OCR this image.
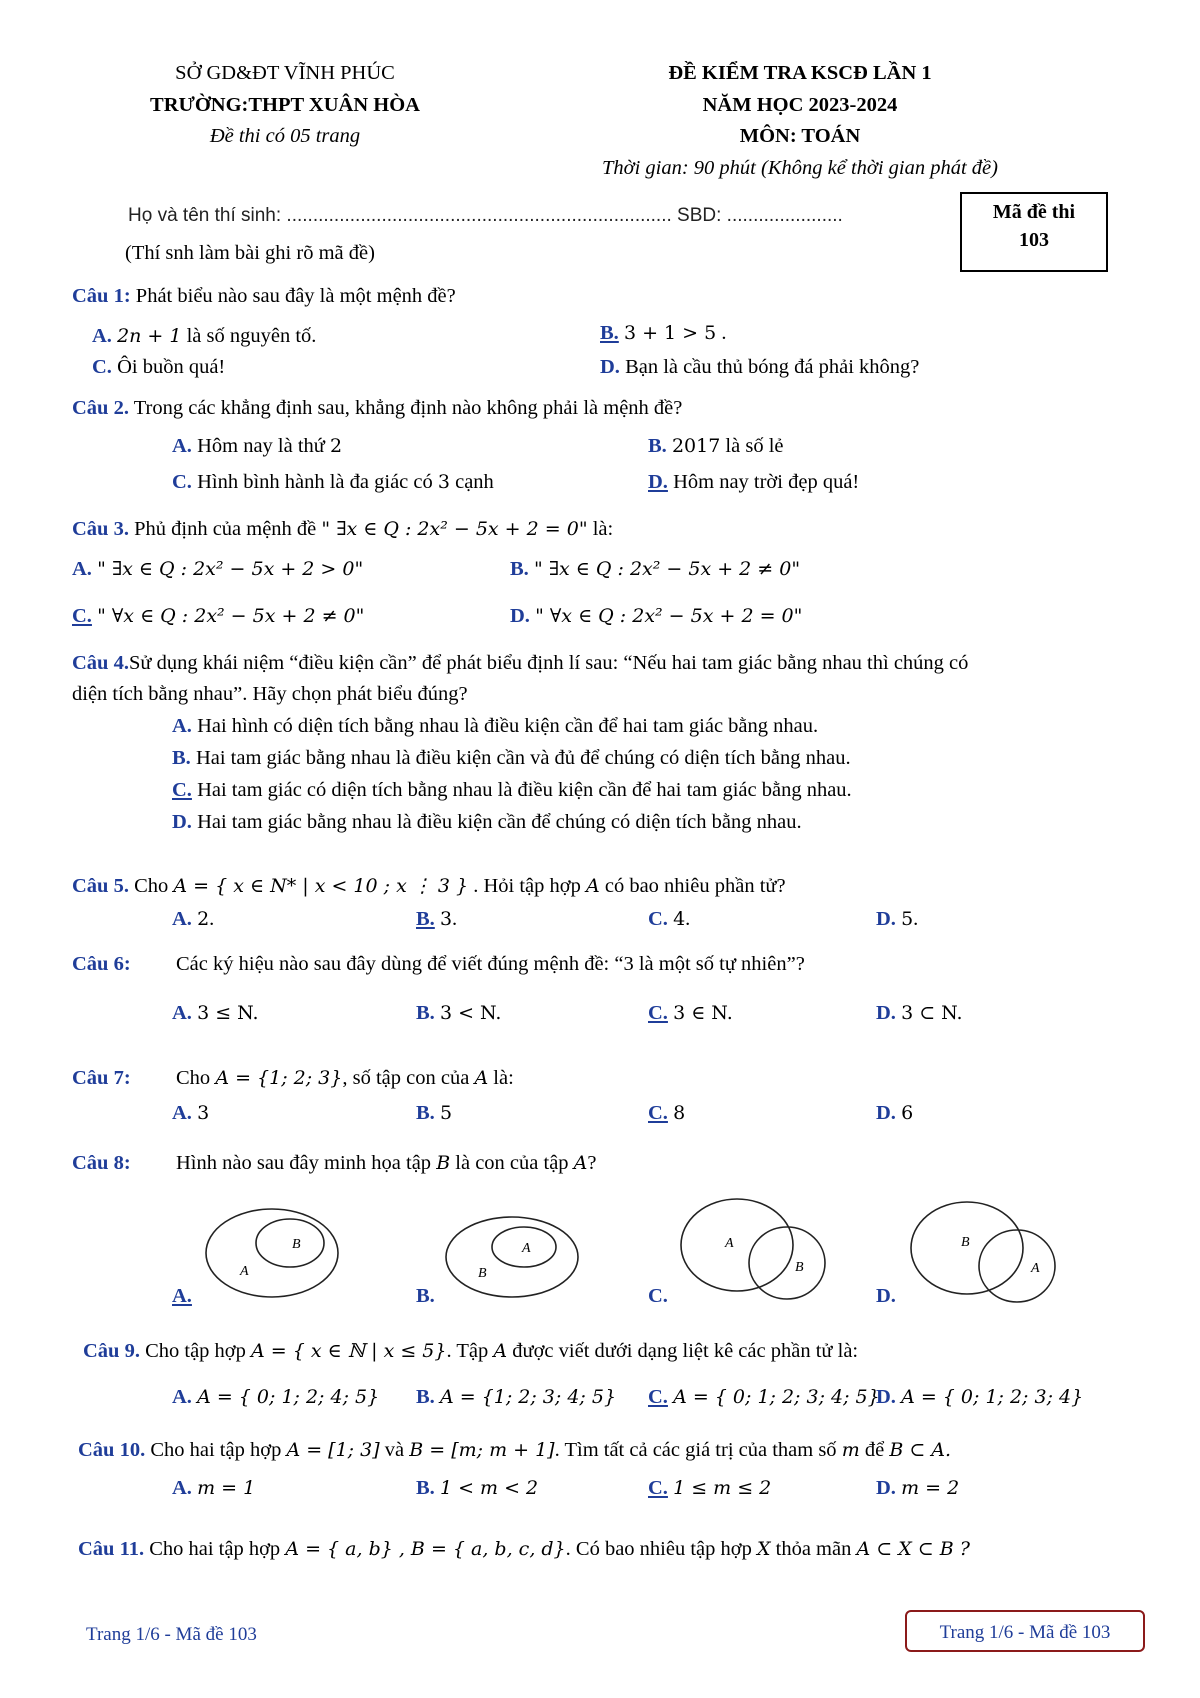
SỞ GD&ĐT VĨNH PHÚC
TRƯỜNG:THPT XUÂN HÒA
Đề thi có 05 trang
ĐỀ KIỂM TRA KSCĐ LẦN 1
NĂM HỌC 2023-2024
MÔN: TOÁN
Thời gian: 90 phút (Không kể thời gian phát đề)
Mã đề thi
103
Họ và tên thí sinh: ......................................................................... SBD: ......................
(Thí snh làm bài ghi rõ mã đề)
Câu 1: Phát biểu nào sau đây là một mệnh đề?
A. 2n + 1 là số nguyên tố.	B. 3 + 1 > 5 .
C. Ôi buồn quá!	D. Bạn là cầu thủ bóng đá phải không?
Câu 2. Trong các khẳng định sau, khẳng định nào không phải là mệnh đề?
A. Hôm nay là thứ 2	B. 2017 là số lẻ
C. Hình bình hành là đa giác có 3 cạnh	D. Hôm nay trời đẹp quá!
Câu 3. Phủ định của mệnh đề " ∃x ∈ Q : 2x² − 5x + 2 = 0" là:
A. " ∃x ∈ Q : 2x² − 5x + 2 > 0"	B. " ∃x ∈ Q : 2x² − 5x + 2 ≠ 0"
C. " ∀x ∈ Q : 2x² − 5x + 2 ≠ 0"	D. " ∀x ∈ Q : 2x² − 5x + 2 = 0"
Câu 4.Sử dụng khái niệm “điều kiện cần” để phát biểu định lí sau: “Nếu hai tam giác bằng nhau thì chúng có
diện tích bằng nhau”. Hãy chọn phát biểu đúng?
A. Hai hình có diện tích bằng nhau là điều kiện cần để hai tam giác bằng nhau.
B. Hai tam giác bằng nhau là điều kiện cần và đủ để chúng có diện tích bằng nhau.
C. Hai tam giác có diện tích bằng nhau là điều kiện cần để hai tam giác bằng nhau.
D. Hai tam giác bằng nhau là điều kiện cần để chúng có diện tích bằng nhau.
Câu 5. Cho A = { x ∈ N* | x < 10 ; x ⋮ 3 } . Hỏi tập hợp A có bao nhiêu phần tử?
A. 2.	B. 3.	C. 4.	D. 5.
Câu 6: Các ký hiệu nào sau đây dùng để viết đúng mệnh đề: “3 là một số tự nhiên”?
A. 3 ≤ N.	B. 3 < N.	C. 3 ∈ N.	D. 3 ⊂ N.
Câu 7: Cho A = {1; 2; 3}, số tập con của A là:
A. 3	B. 5	C. 8	D. 6
Câu 8: Hình nào sau đây minh họa tập B là con của tập A?
B
A
A.
A
B
B.
A
B
C.
B
A
D.
Câu 9. Cho tập hợp A = { x ∈ ℕ | x ≤ 5}. Tập A được viết dưới dạng liệt kê các phần tử là:
A. A = { 0; 1; 2; 4; 5} B. A = {1; 2; 3; 4; 5} C. A = { 0; 1; 2; 3; 4; 5}
D. A = { 0; 1; 2; 3; 4}
Câu 10. Cho hai tập hợp A = [1; 3] và B = [m; m + 1]. Tìm tất cả các giá trị của tham số m để B ⊂ A.
A. m = 1	B. 1 < m < 2	C. 1 ≤ m ≤ 2	D. m = 2
Câu 11. Cho hai tập hợp A = { a, b} , B = { a, b, c, d}. Có bao nhiêu tập hợp X thỏa mãn A ⊂ X ⊂ B ?
Trang 1/6 - Mã đề 103	Trang 1/6 - Mã đề 103
